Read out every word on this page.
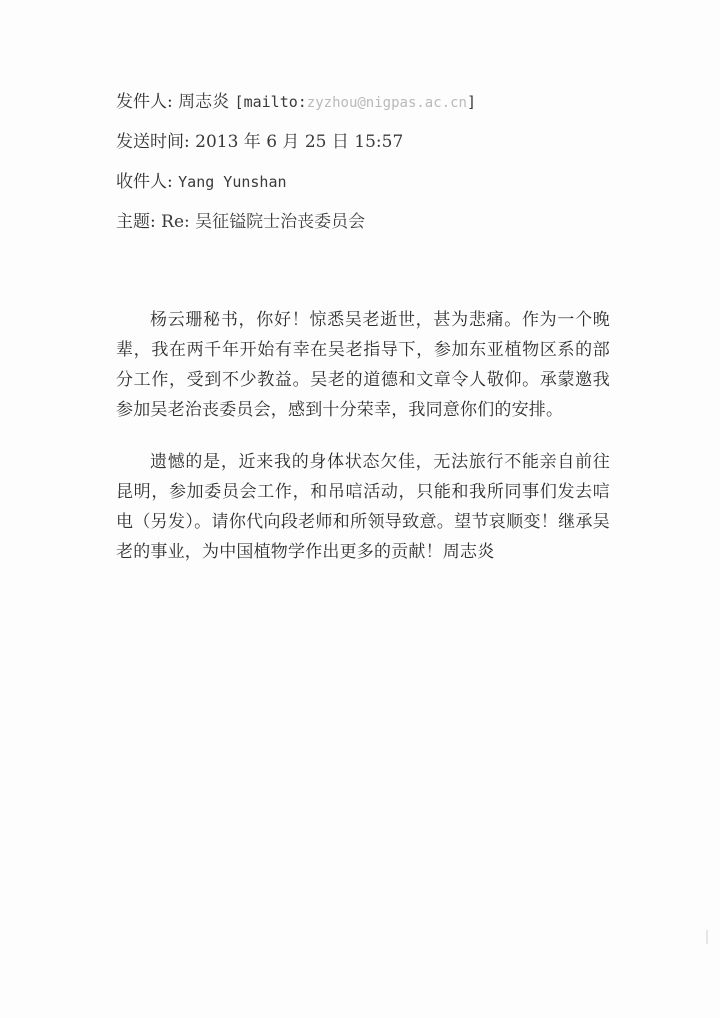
发件人: 周志炎 [mailto:zyzhou@nigpas.ac.cn]
发送时间: 2013 年 6 月 25 日 15:57
收件人: Yang Yunshan
主题: Re: 吴征镒院士治丧委员会

杨云珊秘书，你好！惊悉吴老逝世，甚为悲痛。作为一个晚辈，我在两千年开始有幸在吴老指导下，参加东亚植物区系的部分工作，受到不少教益。吴老的道德和文章令人敬仰。承蒙邀我参加吴老治丧委员会，感到十分荣幸，我同意你们的安排。

遗憾的是，近来我的身体状态欠佳，无法旅行不能亲自前往昆明，参加委员会工作，和吊唁活动，只能和我所同事们发去唁电（另发）。请你代向段老师和所领导致意。望节哀顺变！继承吴老的事业，为中国植物学作出更多的贡献！周志炎
